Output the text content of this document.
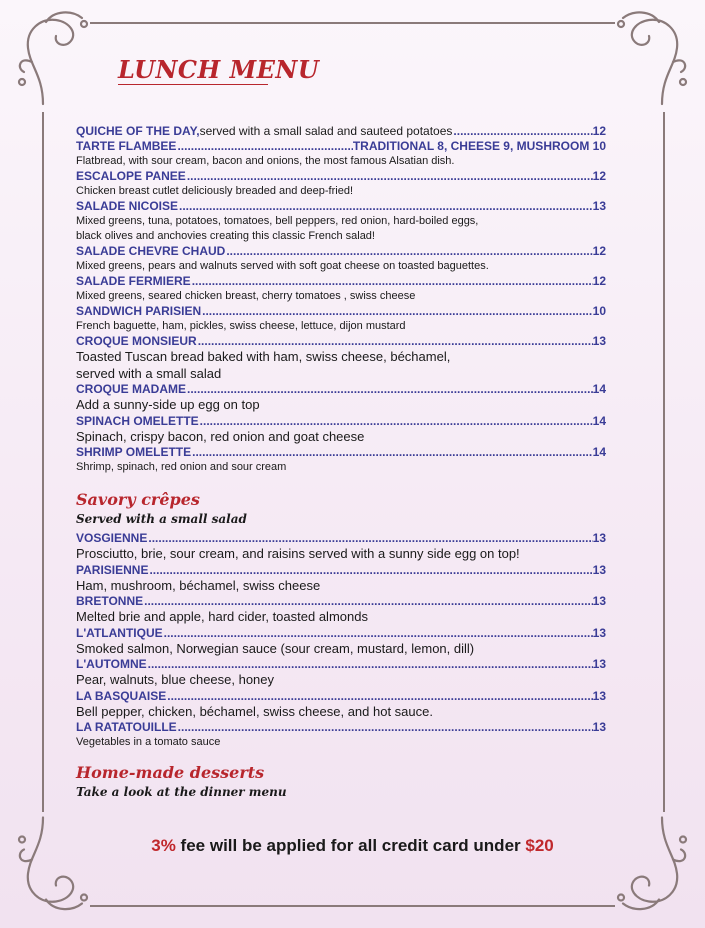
LUNCH MENU
QUICHE OF THE DAY, served with a small salad and sauteed potatoes .....	12
TARTE FLAMBEE .....	TRADITIONAL 8, CHEESE 9, MUSHROOM 10
Flatbread, with sour cream, bacon and onions, the most famous Alsatian dish.
ESCALOPE PANEE .....	12
Chicken breast cutlet deliciously breaded and deep-fried!
SALADE NICOISE .....	13
Mixed greens, tuna, potatoes, tomatoes, bell peppers, red onion, hard-boiled eggs,
black olives and anchovies creating this classic French salad!
SALADE CHEVRE CHAUD .....	12
Mixed greens, pears and walnuts served with soft goat cheese on toasted baguettes.
SALADE FERMIERE .....	12
Mixed greens, seared chicken breast, cherry tomatoes , swiss cheese
SANDWICH PARISIEN .....	10
French baguette, ham, pickles, swiss cheese, lettuce, dijon mustard
CROQUE MONSIEUR .....	13
Toasted Tuscan bread baked with ham, swiss cheese, béchamel,
served with a small salad
CROQUE MADAME .....	14
Add a sunny-side up egg on top
SPINACH OMELETTE .....	14
Spinach, crispy bacon, red onion and goat cheese
SHRIMP OMELETTE .....	14
Shrimp, spinach, red onion and sour cream
Savory crêpes
Served with a small salad
VOSGIENNE .....	13
Prosciutto, brie, sour cream, and raisins served with a sunny side egg on top!
PARISIENNE .....	13
Ham, mushroom, béchamel, swiss cheese
BRETONNE .....	13
Melted brie and apple, hard cider, toasted almonds
L'ATLANTIQUE .....	13
Smoked salmon, Norwegian sauce (sour cream, mustard, lemon, dill)
L'AUTOMNE .....	13
Pear, walnuts, blue cheese, honey
LA BASQUAISE .....	13
Bell pepper, chicken, béchamel, swiss cheese, and hot sauce.
LA RATATOUILLE .....	13
Vegetables in a tomato sauce
Home-made desserts
Take a look at the dinner menu
3% fee will be applied for all credit card under $20
